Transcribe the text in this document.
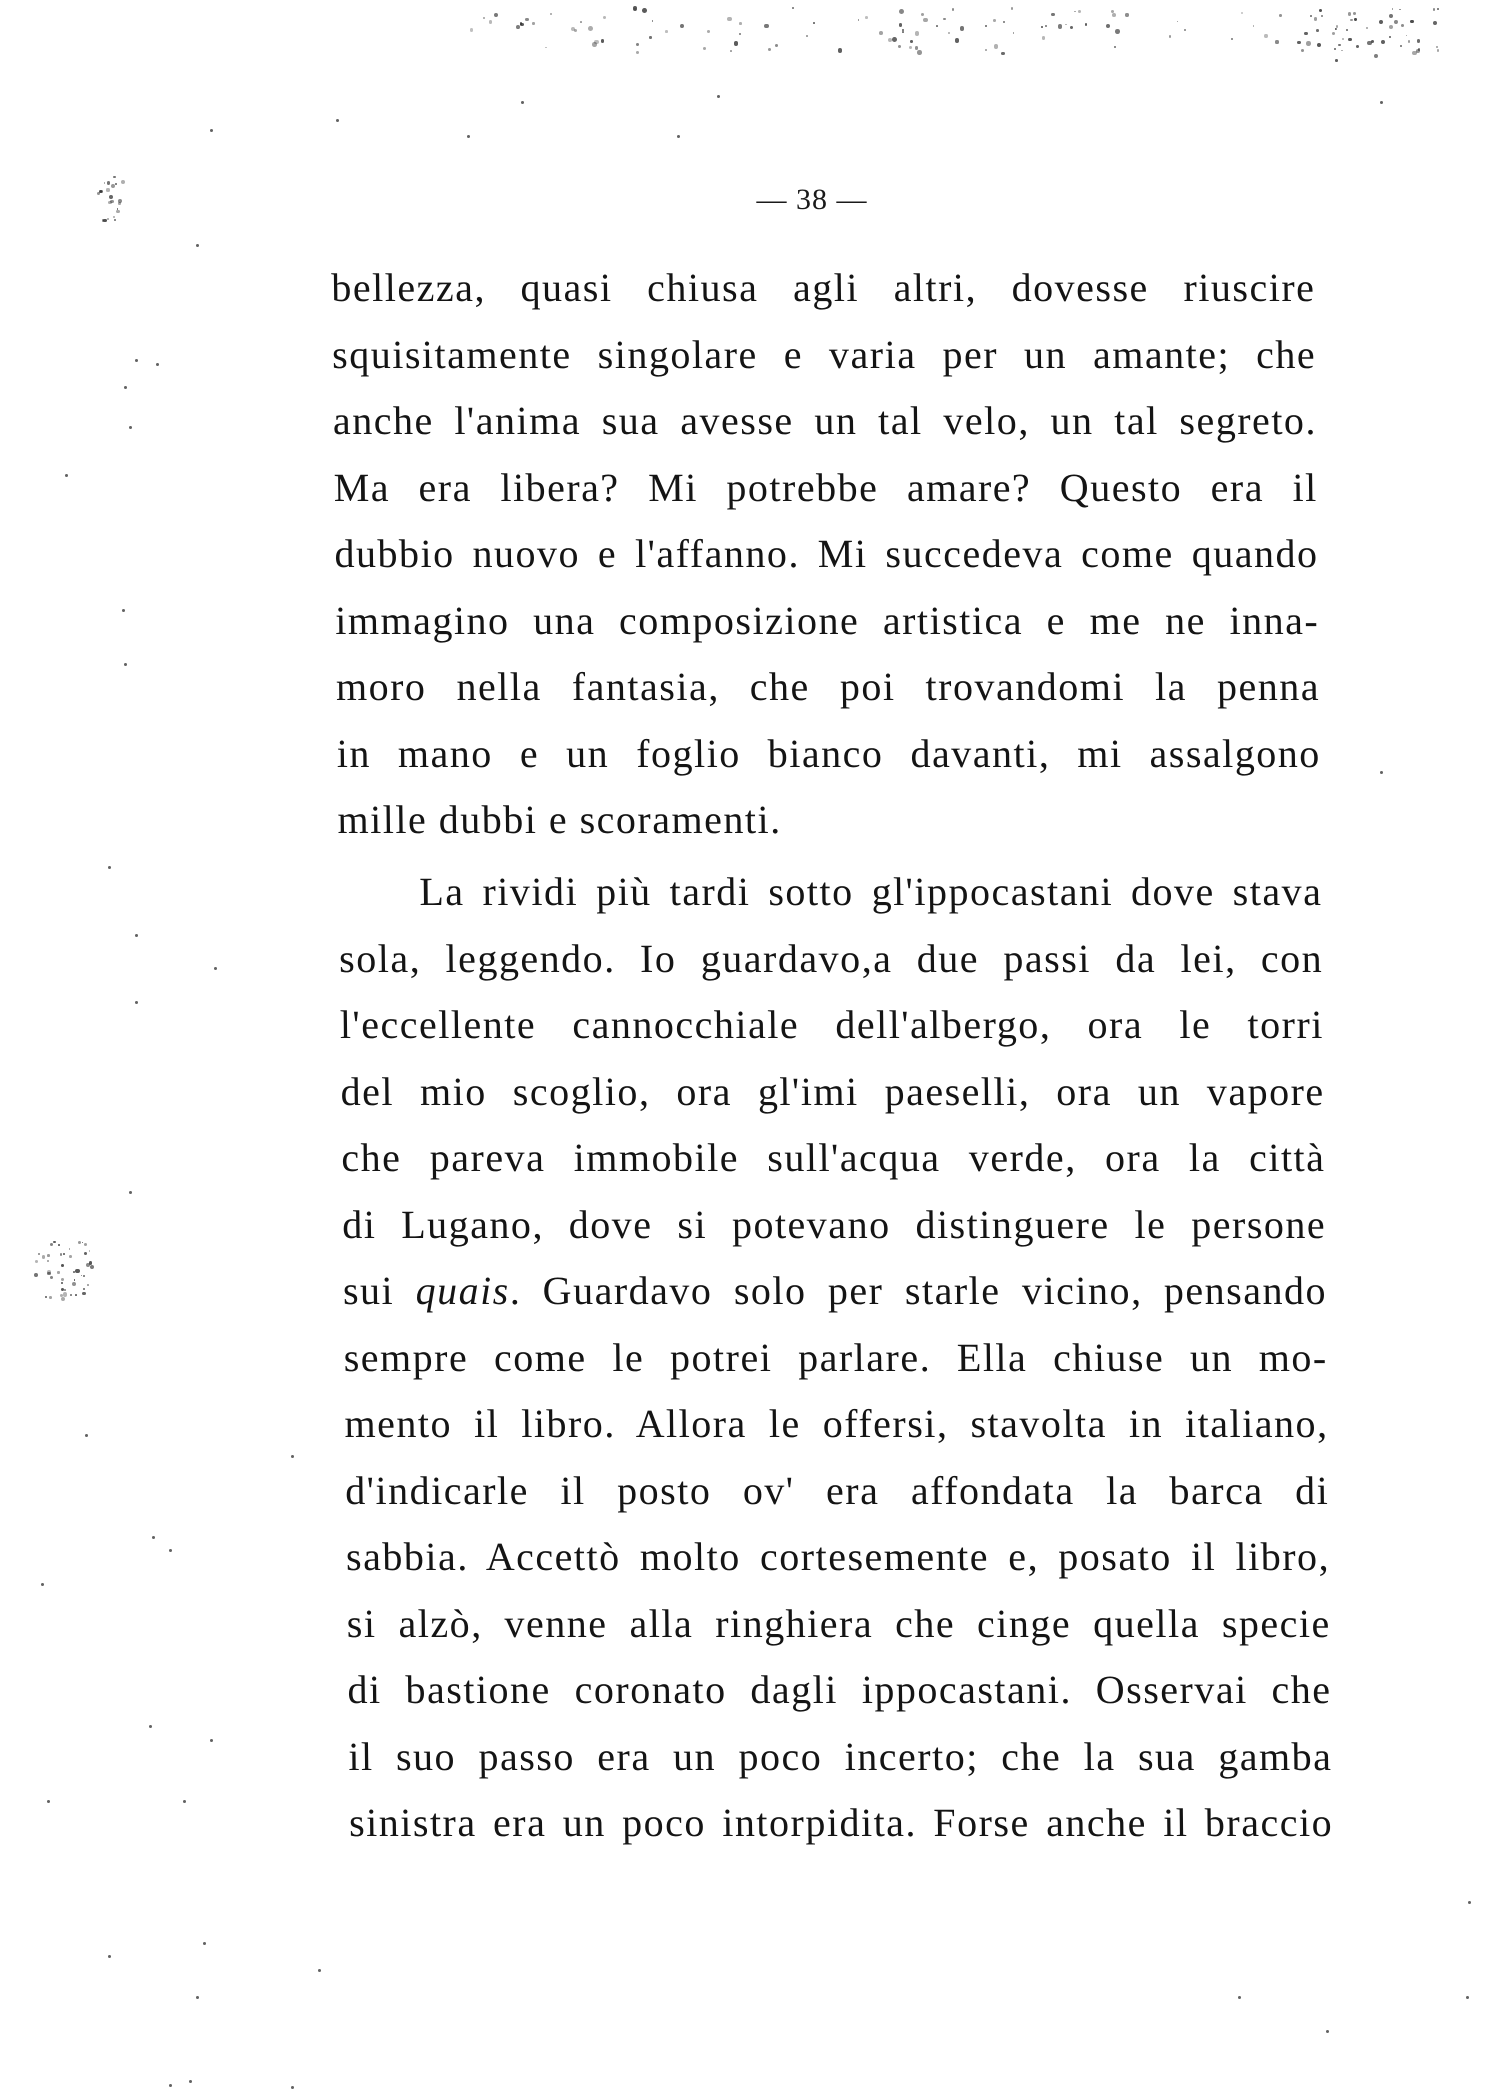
— 38 —
bellezza, quasi chiusa agli altri, dovesse riuscire
squisitamente singolare e varia per un amante; che
anche l'anima sua avesse un tal velo, un tal segreto.
Ma era libera? Mi potrebbe amare? Questo era il
dubbio nuovo e l'affanno. Mi succedeva come quando
immagino una composizione artistica e me ne inna-
moro nella fantasia, che poi trovandomi la penna
in mano e un foglio bianco davanti, mi assalgono
mille dubbi e scoramenti.
La rividi più tardi sotto gl'ippocastani dove stava
sola, leggendo. Io guardavo,a due passi da lei, con
l'eccellente cannocchiale dell'albergo, ora le torri
del mio scoglio, ora gl'imi paeselli, ora un vapore
che pareva immobile sull'acqua verde, ora la città
di Lugano, dove si potevano distinguere le persone
sui quais. Guardavo solo per starle vicino, pensando
sempre come le potrei parlare. Ella chiuse un mo-
mento il libro. Allora le offersi, stavolta in italiano,
d'indicarle il posto ov' era affondata la barca di
sabbia. Accettò molto cortesemente e, posato il libro,
si alzò, venne alla ringhiera che cinge quella specie
di bastione coronato dagli ippocastani. Osservai che
il suo passo era un poco incerto; che la sua gamba
sinistra era un poco intorpidita. Forse anche il braccio
